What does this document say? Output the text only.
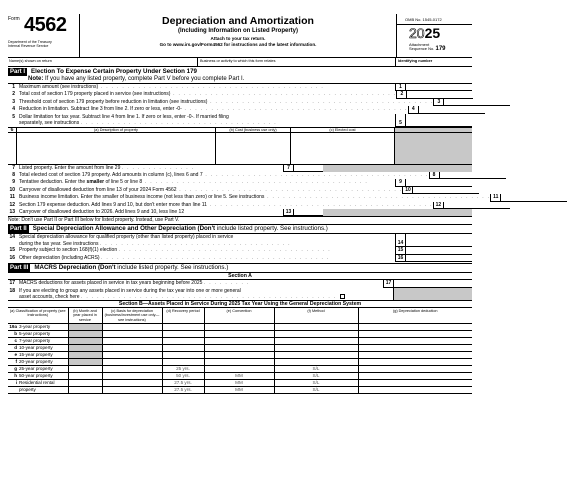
Form 4562
Department of the Treasury
Internal Revenue Service
Depreciation and Amortization
(Including Information on Listed Property)
Attach to your tax return.
Go to www.irs.gov/Form4562 for instructions and the latest information.
OMB No. 1545-0172
2025
Attachment
Sequence No. 179
Name(s) shown on return	Business or activity to which this form relates	Identifying number
Part I Election To Expense Certain Property Under Section 179
Note: If you have any listed property, complete Part V before you complete Part I.
1 Maximum amount (see instructions) . . . . . . . . . . . . . . . . . . . . . . . . . . . . . . . . . . . . . . . . . .	1
2 Total cost of section 179 property placed in service (see instructions) . . . . . . . . . . . . . . . . . . . . . . . . . . . . . . . . . . . . . . . . . . 2
3 Threshold cost of section 179 property before reduction in limitation (see instructions) . . . . . . . . . . . . . . . . . . . . . . . . . . . . . . . . . . . . . . . . . . 3
4 Reduction in limitation. Subtract line 3 from line 2. If zero or less, enter -0- . . . . . . . . . . . . . . . . . . . . . . . . . . . . . . . . . . . . . . . . . . 4
5 Dollar limitation for tax year. Subtract line 4 from line 1. If zero or less, enter -0-. If married filing
separately, see instructions . . . . . . . . . . . . . . . . . . . . . . . . . . . . . . . . . . . . .	5
6	(a) Description of property	(b) Cost (business use only)	(c) Elected cost
7 Listed property. Enter the amount from line 29 . . . . . . . . . . . . . .	7
8 Total elected cost of section 179 property. Add amounts in column (c), lines 6 and 7 . . . . . . . . . . . . . . . . . . . . . . . . . . . . . . . . . . . . . . . . . . 8
9 Tentative deduction. Enter the smaller of line 5 or line 8 . . . . . . . . . . . . . . . . . . . . . . . . . . . . . . . . . . . . . . . . . .	9
10 Carryover of disallowed deduction from line 13 of your 2024 Form 4562 . . . . . . . . . . . . . . . . . . . . . . . . . . . . . . . . . . . . . . . . . . 10
11 Business income limitation. Enter the smaller of business income (not less than zero) or line 5. See instructions . . . . . . . . . . . . . . . . . . . . . . . . . . . . . . . . . . . . . . . . . . 11
12 Section 179 expense deduction. Add lines 9 and 10, but don't enter more than line 11 . . . . . . . . . . . . . . . . . . . . . . . . . . . . . . . . . . . . . . . . . . 12
13 Carryover of disallowed deduction to 2026. Add lines 9 and 10, less line 12	13
Note: Don't use Part II or Part III below for listed property. Instead, use Part V.
Part II Special Depreciation Allowance and Other Depreciation (Don't include listed property. See instructions.)
14 Special depreciation allowance for qualified property (other than listed property) placed in service
during the tax year. See instructions . . . . . . . . . . . . . . . . . . . . . . . . . . . . . . . . . . . .	14
15 Property subject to section 168(f)(1) election . . . . . . . . . . . . . . . . . . . . . . . . . . . . . . . . . . . . . . . .	15
16 Other depreciation (including ACRS) . . . . . . . . . . . . . . . . . . . . . . . . . . . . . . . . . . . . . . . . . . .	16
Part III MACRS Depreciation (Don't include listed property. See instructions.)
Section A
17 MACRS deductions for assets placed in service in tax years beginning before 2025 . . . . . . . . .	17
18 If you are electing to group any assets placed in service during the tax year into one or more general
asset accounts, check here . . . . . . . . . . . . . . . . . . . . . . . . . . . . . . . . . . . . . . . . . . . . . . . .
Section B—Assets Placed in Service During 2025 Tax Year Using the General Depreciation System
(a) Classification of property (see instructions)	(b) Month and year placed in service	(c) Basis for depreciation (business/investment use only—see instructions)	(d) Recovery period	(e) Convention	(f) Method	(g) Depreciation deduction
19a 3-year property						
b 5-year property						
c 7-year property						
d 10-year property						
e 15-year property						
f 20-year property						
g 25-year property			25 yrs.		S/L	
h 50-year property			50 yrs.	MM	S/L	
i Residential rental			27.5 yrs.	MM	S/L	
property			27.5 yrs.	MM	S/L	
